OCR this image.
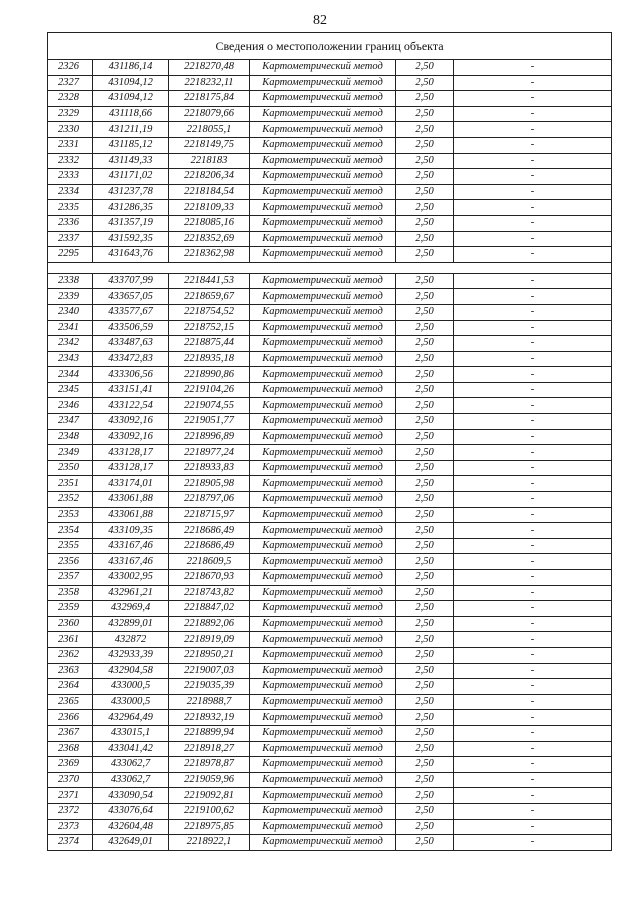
82
Сведения о местоположении границ объекта					
2326	431186,14	2218270,48	Картометрический метод	2,50	-
2327	431094,12	2218232,11	Картометрический метод	2,50	-
2328	431094,12	2218175,84	Картометрический метод	2,50	-
2329	431118,66	2218079,66	Картометрический метод	2,50	-
2330	431211,19	2218055,1	Картометрический метод	2,50	-
2331	431185,12	2218149,75	Картометрический метод	2,50	-
2332	431149,33	2218183	Картометрический метод	2,50	-
2333	431171,02	2218206,34	Картометрический метод	2,50	-
2334	431237,78	2218184,54	Картометрический метод	2,50	-
2335	431286,35	2218109,33	Картометрический метод	2,50	-
2336	431357,19	2218085,16	Картометрический метод	2,50	-
2337	431592,35	2218352,69	Картометрический метод	2,50	-
2295	431643,76	2218362,98	Картометрический метод	2,50	-

2338	433707,99	2218441,53	Картометрический метод	2,50	-
2339	433657,05	2218659,67	Картометрический метод	2,50	-
2340	433577,67	2218754,52	Картометрический метод	2,50	-
2341	433506,59	2218752,15	Картометрический метод	2,50	-
2342	433487,63	2218875,44	Картометрический метод	2,50	-
2343	433472,83	2218935,18	Картометрический метод	2,50	-
2344	433306,56	2218990,86	Картометрический метод	2,50	-
2345	433151,41	2219104,26	Картометрический метод	2,50	-
2346	433122,54	2219074,55	Картометрический метод	2,50	-
2347	433092,16	2219051,77	Картометрический метод	2,50	-
2348	433092,16	2218996,89	Картометрический метод	2,50	-
2349	433128,17	2218977,24	Картометрический метод	2,50	-
2350	433128,17	2218933,83	Картометрический метод	2,50	-
2351	433174,01	2218905,98	Картометрический метод	2,50	-
2352	433061,88	2218797,06	Картометрический метод	2,50	-
2353	433061,88	2218715,97	Картометрический метод	2,50	-
2354	433109,35	2218686,49	Картометрический метод	2,50	-
2355	433167,46	2218686,49	Картометрический метод	2,50	-
2356	433167,46	2218609,5	Картометрический метод	2,50	-
2357	433002,95	2218670,93	Картометрический метод	2,50	-
2358	432961,21	2218743,82	Картометрический метод	2,50	-
2359	432969,4	2218847,02	Картометрический метод	2,50	-
2360	432899,01	2218892,06	Картометрический метод	2,50	-
2361	432872	2218919,09	Картометрический метод	2,50	-
2362	432933,39	2218950,21	Картометрический метод	2,50	-
2363	432904,58	2219007,03	Картометрический метод	2,50	-
2364	433000,5	2219035,39	Картометрический метод	2,50	-
2365	433000,5	2218988,7	Картометрический метод	2,50	-
2366	432964,49	2218932,19	Картометрический метод	2,50	-
2367	433015,1	2218899,94	Картометрический метод	2,50	-
2368	433041,42	2218918,27	Картометрический метод	2,50	-
2369	433062,7	2218978,87	Картометрический метод	2,50	-
2370	433062,7	2219059,96	Картометрический метод	2,50	-
2371	433090,54	2219092,81	Картометрический метод	2,50	-
2372	433076,64	2219100,62	Картометрический метод	2,50	-
2373	432604,48	2218975,85	Картометрический метод	2,50	-
2374	432649,01	2218922,1	Картометрический метод	2,50	-
